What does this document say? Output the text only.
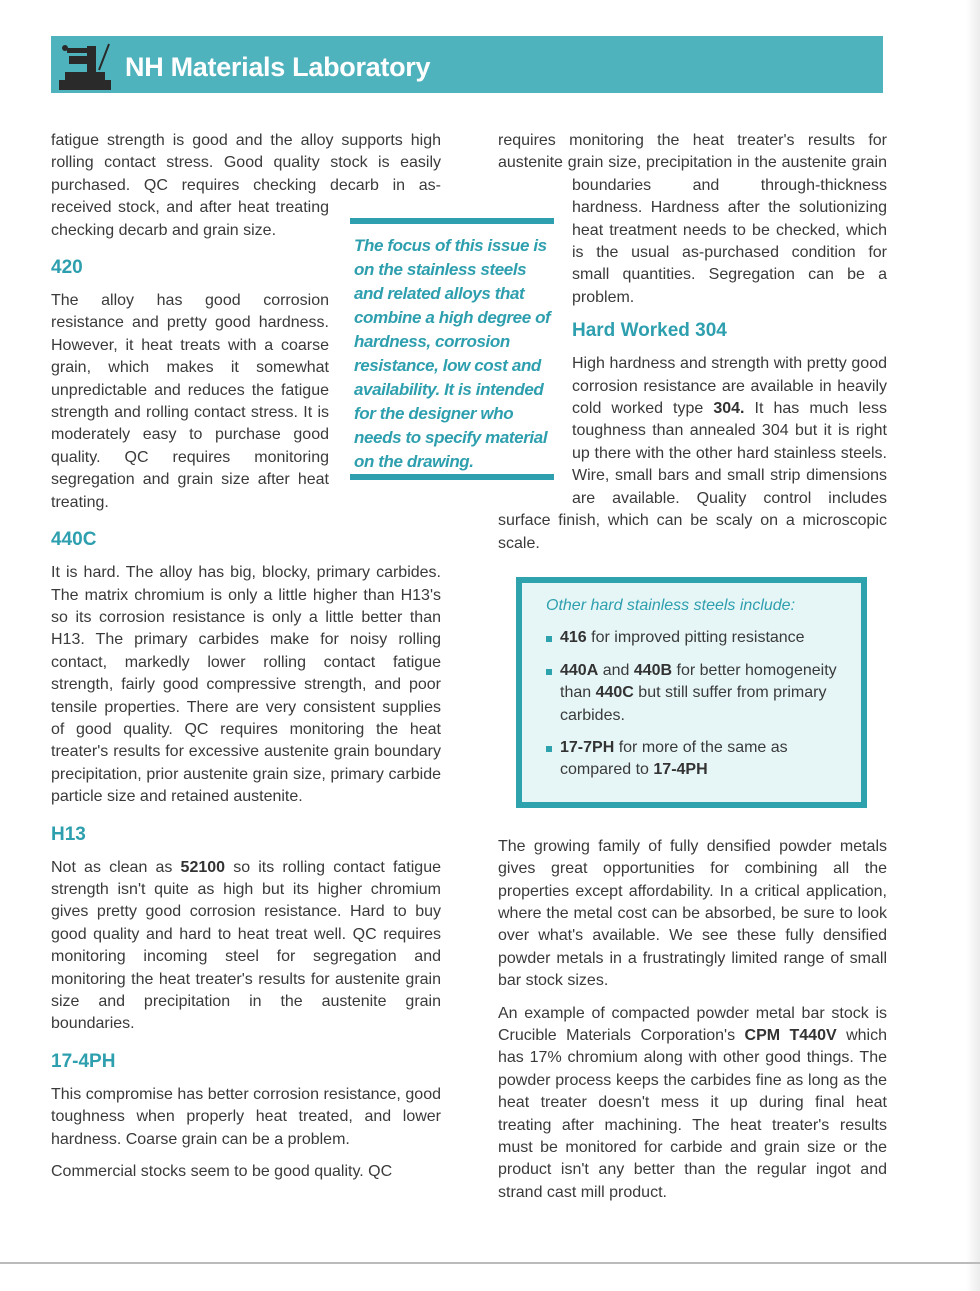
NH Materials Laboratory

fatigue strength is good and the alloy supports high rolling contact stress. Good quality stock is easily purchased. QC requires checking decarb in as-received stock, and after heat treating checking decarb and grain size.

420

The alloy has good corrosion resistance and pretty good hardness. However, it heat treats with a coarse grain, which makes it somewhat unpredictable and reduces the fatigue strength and rolling contact stress. It is moderately easy to purchase good quality. QC requires monitoring segregation and grain size after heat treating.

440C

It is hard. The alloy has big, blocky, primary carbides. The matrix chromium is only a little higher than H13's so its corrosion resistance is only a little better than H13. The primary carbides make for noisy rolling contact, markedly lower rolling contact fatigue strength, fairly good compressive strength, and poor tensile properties. There are very consistent supplies of good quality. QC requires monitoring the heat treater's results for excessive austenite grain boundary precipitation, prior austenite grain size, primary carbide particle size and retained austenite.

H13

Not as clean as 52100 so its rolling contact fatigue strength isn't quite as high but its higher chromium gives pretty good corrosion resistance. Hard to buy good quality and hard to heat treat well. QC requires monitoring incoming steel for segregation and monitoring the heat treater's results for austenite grain size and precipitation in the austenite grain boundaries.

17-4PH

This compromise has better corrosion resistance, good toughness when properly heat treated, and lower hardness. Coarse grain can be a problem.

Commercial stocks seem to be good quality. QC

The focus of this issue is on the stainless steels and related alloys that combine a high degree of hardness, corrosion resistance, low cost and availability. It is intended for the designer who needs to specify material on the drawing.

requires monitoring the heat treater's results for austenite grain size, precipitation in the austenite grain boundaries and through-thickness hardness. Hardness after the solutionizing heat treatment needs to be checked, which is the usual as-purchased condition for small quantities. Segregation can be a problem.

Hard Worked 304

High hardness and strength with pretty good corrosion resistance are available in heavily cold worked type 304. It has much less toughness than annealed 304 but it is right up there with the other hard stainless steels. Wire, small bars and small strip dimensions are available. Quality control includes surface finish, which can be scaly on a microscopic scale.

Other hard stainless steels include:
416 for improved pitting resistance
440A and 440B for better homogeneity than 440C but still suffer from primary carbides.
17-7PH for more of the same as compared to 17-4PH

The growing family of fully densified powder metals gives great opportunities for combining all the properties except affordability. In a critical application, where the metal cost can be absorbed, be sure to look over what's available. We see these fully densified powder metals in a frustratingly limited range of small bar stock sizes.

An example of compacted powder metal bar stock is Crucible Materials Corporation's CPM T440V which has 17% chromium along with other good things. The powder process keeps the carbides fine as long as the heat treater doesn't mess it up during final heat treating after machining. The heat treater's results must be monitored for carbide and grain size or the product isn't any better than the regular ingot and strand cast mill product.
